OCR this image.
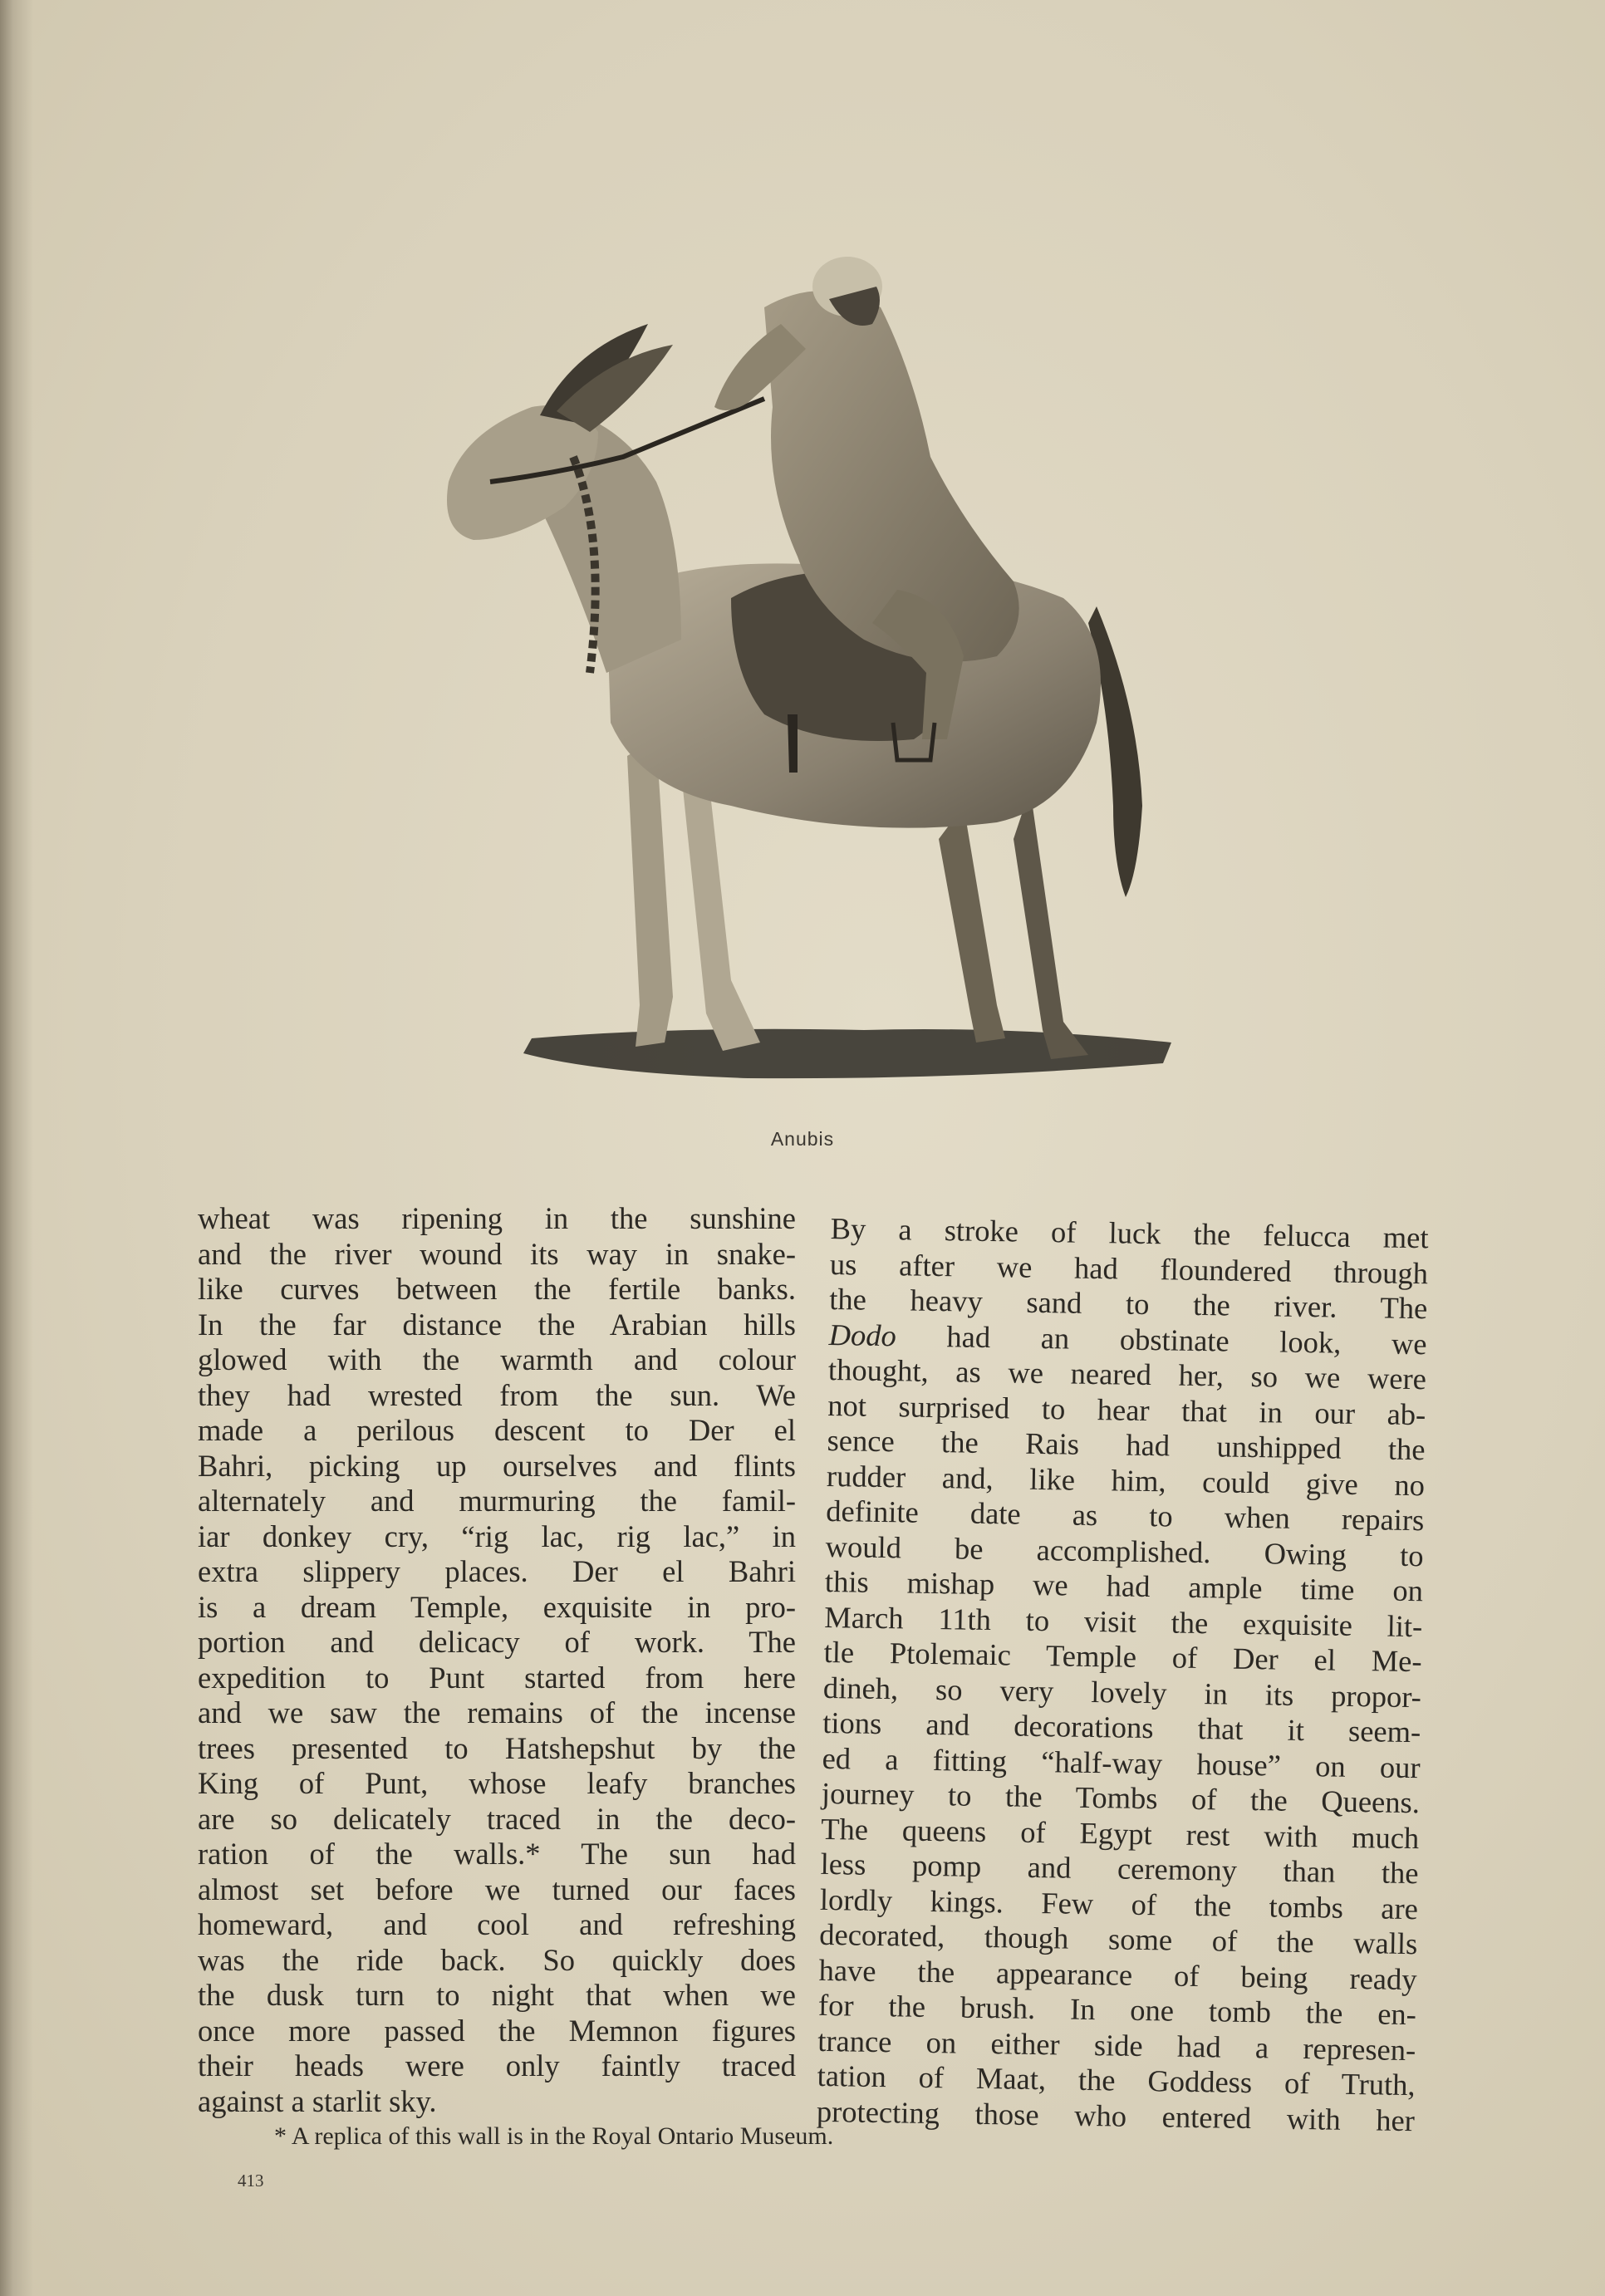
Anubis
wheat was ripening in the sunshine
and the river wound its way in snake-
like curves between the fertile banks.
In the far distance the Arabian hills
glowed with the warmth and colour
they had wrested from the sun. We
made a perilous descent to Der el
Bahri, picking up ourselves and flints
alternately and murmuring the famil-
iar donkey cry, “rig lac, rig lac,” in
extra slippery places. Der el Bahri
is a dream Temple, exquisite in pro-
portion and delicacy of work. The
expedition to Punt started from here
and we saw the remains of the incense
trees presented to Hatshepshut by the
King of Punt, whose leafy branches
are so delicately traced in the deco-
ration of the walls.* The sun had
almost set before we turned our faces
homeward, and cool and refreshing
was the ride back. So quickly does
the dusk turn to night that when we
once more passed the Memnon figures
their heads were only faintly traced
against a starlit sky.
By a stroke of luck the felucca met
us after we had floundered through
the heavy sand to the river. The
Dodo had an obstinate look, we
thought, as we neared her, so we were
not surprised to hear that in our ab-
sence the Rais had unshipped the
rudder and, like him, could give no
definite date as to when repairs
would be accomplished. Owing to
this mishap we had ample time on
March 11th to visit the exquisite lit-
tle Ptolemaic Temple of Der el Me-
dineh, so very lovely in its propor-
tions and decorations that it seem-
ed a fitting “half-way house” on our
journey to the Tombs of the Queens.
The queens of Egypt rest with much
less pomp and ceremony than the
lordly kings. Few of the tombs are
decorated, though some of the walls
have the appearance of being ready
for the brush. In one tomb the en-
trance on either side had a represen-
tation of Maat, the Goddess of Truth,
protecting those who entered with her
* A replica of this wall is in the Royal Ontario Museum.
413
